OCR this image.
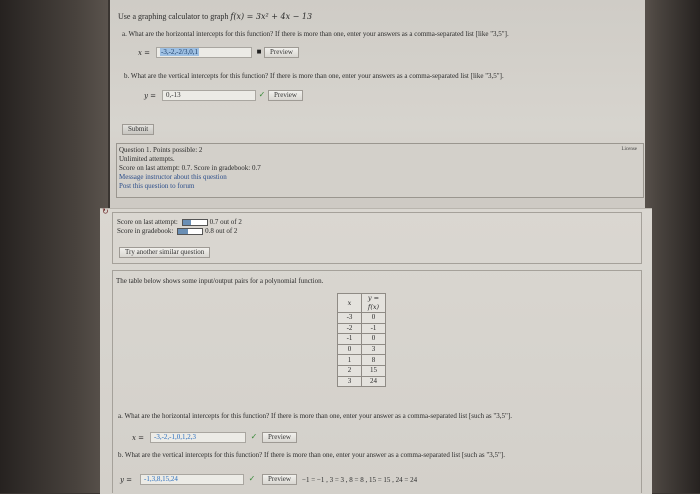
Use a graphing calculator to graph f(x) = 3x² + 4x − 13
a. What are the horizontal intercepts for this function? If there is more than one, enter your answers as a comma-separated list [like "3,5"].
x =	-3,-2,-2/3,0,1	■	Preview
b. What are the vertical intercepts for this function? If there is more than one, enter your answers as a comma-separated list [like "3,5"].
y =	0,-13	✓	Preview
Submit
License
Question 1. Points possible: 2
Unlimited attempts.
Score on last attempt: 0.7. Score in gradebook: 0.7
Message instructor about this question
Post this question to forum
↻
Score on last attempt:	0.7 out of 2
Score in gradebook:	0.8 out of 2
Try another similar question
The table below shows some input/output pairs for a polynomial function.
x	y = f(x)
-3	0
-2	-1
-1	0
0	3
1	8
2	15
3	24
a. What are the horizontal intercepts for this function? If there is more than one, enter your answer as a comma-separated list [such as "3,5"].
x =	-3,-2,-1,0,1,2,3	✓	Preview
b. What are the vertical intercepts for this function? If there is more than one, enter your answer as a comma-separated list [such as "3,5"].
y =	-1,3,8,15,24	✓	Preview	−1 = −1 , 3 = 3 , 8 = 8 , 15 = 15 , 24 = 24
